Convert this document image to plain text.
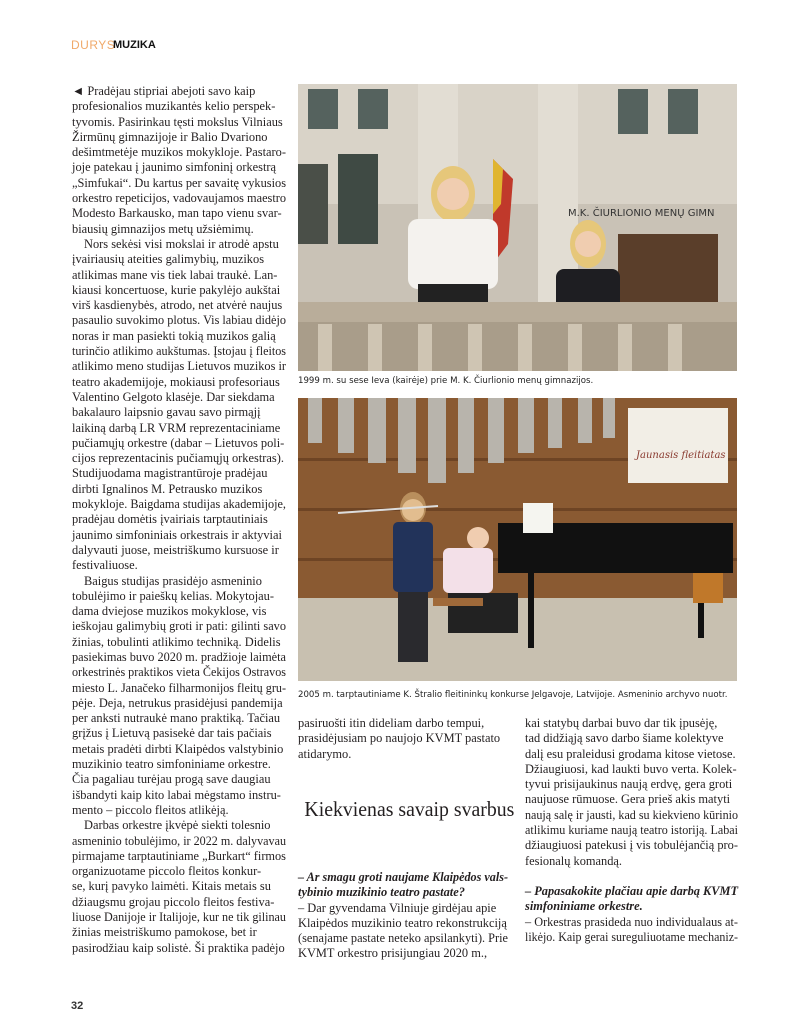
DURYS
MUZIKA
◄ Pradėjau stipriai abejoti savo kaip
profesionalios muzikantės kelio perspek-
tyvomis. Pasirinkau tęsti mokslus Vilniaus
Žirmūnų gimnazijoje ir Balio Dvariono
dešimtmetėje muzikos mokykloje. Pastaro-
joje patekau į jaunimo simfoninį orkestrą
„Simfukai“. Du kartus per savaitę vykusios
orkestro repeticijos, vadovaujamos maestro
Modesto Barkausko, man tapo vienu svar-
biausių gimnazijos metų užsiėmimų.
Nors sekėsi visi mokslai ir atrodė apstu
įvairiausių ateities galimybių, muzikos
atlikimas mane vis tiek labai traukė. Lan-
kiausi koncertuose, kurie pakylėjo aukštai
virš kasdienybės, atrodo, net atvėrė naujus
pasaulio suvokimo plotus. Vis labiau didėjo
noras ir man pasiekti tokią muzikos galią
turinčio atlikimo aukštumas. Įstojau į fleitos
atlikimo meno studijas Lietuvos muzikos ir
teatro akademijoje, mokiausi profesoriaus
Valentino Gelgoto klasėje. Dar siekdama
bakalauro laipsnio gavau savo pirmąjį
laikiną darbą LR VRM reprezentaciniame
pučiamųjų orkestre (dabar – Lietuvos poli-
cijos reprezentacinis pučiamųjų orkestras).
Studijuodama magistrantūroje pradėjau
dirbti Ignalinos M. Petrausko muzikos
mokykloje. Baigdama studijas akademijoje,
pradėjau domėtis įvairiais tarptautiniais
jaunimo simfoniniais orkestrais ir aktyviai
dalyvauti juose, meistriškumo kursuose ir
festivaliuose.
Baigus studijas prasidėjo asmeninio
tobulėjimo ir paieškų kelias. Mokytojau-
dama dviejose muzikos mokyklose, vis
ieškojau galimybių groti ir pati: gilinti savo
žinias, tobulinti atlikimo techniką. Didelis
pasiekimas buvo 2020 m. pradžioje laimėta
orkestrinės praktikos vieta Čekijos Ostravos
miesto L. Janačeko filharmonijos fleitų gru-
pėje. Deja, netrukus prasidėjusi pandemija
per anksti nutraukė mano praktiką. Tačiau
grįžus į Lietuvą pasisekė dar tais pačiais
metais pradėti dirbti Klaipėdos valstybinio
muzikinio teatro simfoniniame orkestre.
Čia pagaliau turėjau progą save daugiau
išbandyti kaip kito labai mėgstamo instru-
mento – piccolo fleitos atlikėją.
Darbas orkestre įkvėpė siekti tolesnio
asmeninio tobulėjimo, ir 2022 m. dalyvavau
pirmajame tarptautiniame „Burkart“ firmos
organizuotame piccolo fleitos konkur-
se, kurį pavyko laimėti. Kitais metais su
džiaugsmu grojau piccolo fleitos festiva-
liuose Danijoje ir Italijoje, kur ne tik gilinau
žinias meistriškumo pamokose, bet ir
pasirodžiau kaip solistė. Ši praktika padėjo
M.K. ČIURLIONIO MENŲ GIMN
1999 m. su sese Ieva (kairėje) prie M. K. Čiurlionio menų gimnazijos.
Jaunasis fleitiatas
2005 m. tarptautiniame K. Štralio fleitininkų konkurse Jelgavoje, Latvijoje. Asmeninio archyvo nuotr.
pasiruošti itin dideliam darbo tempui,
prasidėjusiam po naujojo KVMT pastato
atidarymo.
Kiekvienas savaip svarbus
– Ar smagu groti naujame Klaipėdos vals-
tybinio muzikinio teatro pastate?
– Dar gyvendama Vilniuje girdėjau apie
Klaipėdos muzikinio teatro rekonstrukciją
(senajame pastate neteko apsilankyti). Prie
KVMT orkestro prisijungiau 2020 m.,
kai statybų darbai buvo dar tik įpusėję,
tad didžiąją savo darbo šiame kolektyve
dalį esu praleidusi grodama kitose vietose.
Džiaugiuosi, kad laukti buvo verta. Kolek-
tyvui prisijaukinus naują erdvę, gera groti
naujuose rūmuose. Gera prieš akis matyti
naują salę ir jausti, kad su kiekvieno kūrinio
atlikimu kuriame naują teatro istoriją. Labai
džiaugiuosi patekusi į vis tobulėjančią pro-
fesionalų komandą.
– Papasakokite plačiau apie darbą KVMT
simfoniniame orkestre.
– Orkestras prasideda nuo individualaus at-
likėjo. Kaip gerai sureguliuotame mechaniz-
32
